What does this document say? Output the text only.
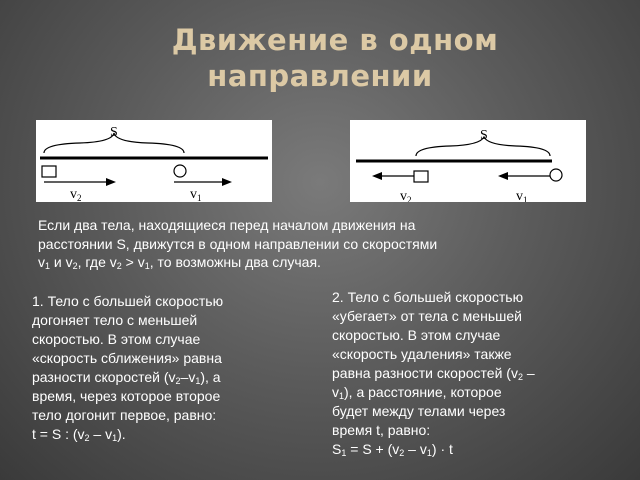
Движение в одном
направлении
S
$v_2$	$v_1$
S
$v_2$	$v_1$
Если два тела, находящиеся перед началом движения на
расстоянии S, движутся в одном направлении со скоростями
$v_1$ и $v_2$, где $v_2 > v_1$, то возможны два случая.
1. Тело с большей скоростью
догоняет тело с меньшей
скоростью. В этом случае
«скорость сближения» равна
разности скоростей $(v_2-v_1)$, а
время, через которое второе
тело догонит первое, равно:
t = S : $(v_2 - v_1)$.
2. Тело с большей скоростью
«убегает» от тела с меньшей
скоростью. В этом случае
«скорость удаления» также
равна разности скоростей ($v_2$ –
$v_1$), а расстояние, которое
будет между телами через
время t, равно:
$S_1 = S + (v_2 - v_1) \cdot t$
